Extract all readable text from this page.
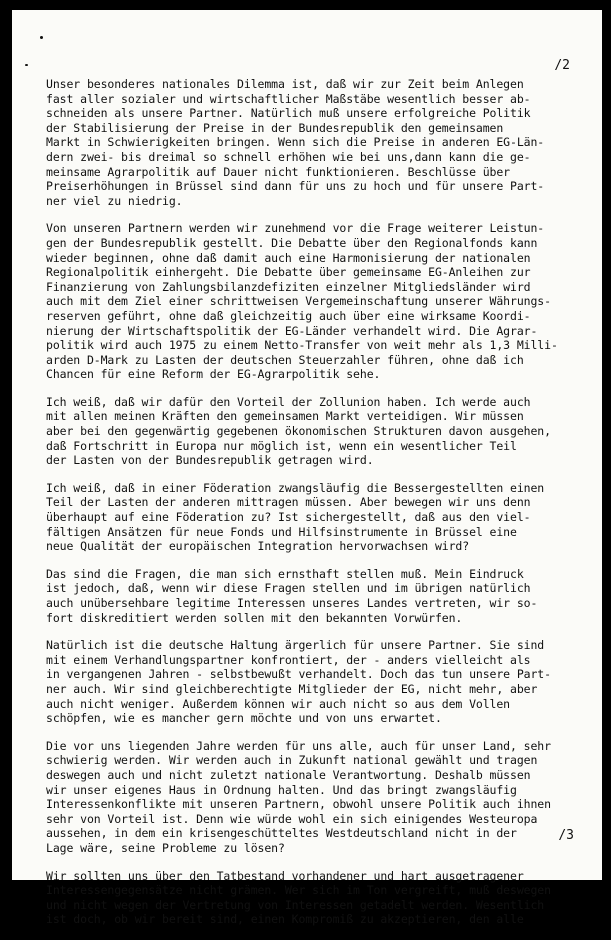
/2

Unser besonderes nationales Dilemma ist, daß wir zur Zeit beim Anlegen
fast aller sozialer und wirtschaftlicher Maßstäbe wesentlich besser ab-
schneiden als unsere Partner. Natürlich muß unsere erfolgreiche Politik
der Stabilisierung der Preise in der Bundesrepublik den gemeinsamen
Markt in Schwierigkeiten bringen. Wenn sich die Preise in anderen EG-Län-
dern zwei- bis dreimal so schnell erhöhen wie bei uns,dann kann die ge-
meinsame Agrarpolitik auf Dauer nicht funktionieren. Beschlüsse über
Preiserhöhungen in Brüssel sind dann für uns zu hoch und für unsere Part-
ner viel zu niedrig.

Von unseren Partnern werden wir zunehmend vor die Frage weiterer Leistun-
gen der Bundesrepublik gestellt. Die Debatte über den Regionalfonds kann
wieder beginnen, ohne daß damit auch eine Harmonisierung der nationalen
Regionalpolitik einhergeht. Die Debatte über gemeinsame EG-Anleihen zur
Finanzierung von Zahlungsbilanzdefiziten einzelner Mitgliedsländer wird
auch mit dem Ziel einer schrittweisen Vergemeinschaftung unserer Währungs-
reserven geführt, ohne daß gleichzeitig auch über eine wirksame Koordi-
nierung der Wirtschaftspolitik der EG-Länder verhandelt wird. Die Agrar-
politik wird auch 1975 zu einem Netto-Transfer von weit mehr als 1,3 Milli-
arden D-Mark zu Lasten der deutschen Steuerzahler führen, ohne daß ich
Chancen für eine Reform der EG-Agrarpolitik sehe.

Ich weiß, daß wir dafür den Vorteil der Zollunion haben. Ich werde auch
mit allen meinen Kräften den gemeinsamen Markt verteidigen. Wir müssen
aber bei den gegenwärtig gegebenen ökonomischen Strukturen davon ausgehen,
daß Fortschritt in Europa nur möglich ist, wenn ein wesentlicher Teil
der Lasten von der Bundesrepublik getragen wird.

Ich weiß, daß in einer Föderation zwangsläufig die Bessergestellten einen
Teil der Lasten der anderen mittragen müssen. Aber bewegen wir uns denn
überhaupt auf eine Föderation zu? Ist sichergestellt, daß aus den viel-
fältigen Ansätzen für neue Fonds und Hilfsinstrumente in Brüssel eine
neue Qualität der europäischen Integration hervorwachsen wird?

Das sind die Fragen, die man sich ernsthaft stellen muß. Mein Eindruck
ist jedoch, daß, wenn wir diese Fragen stellen und im übrigen natürlich
auch unübersehbare legitime Interessen unseres Landes vertreten, wir so-
fort diskreditiert werden sollen mit den bekannten Vorwürfen.

Natürlich ist die deutsche Haltung ärgerlich für unsere Partner. Sie sind
mit einem Verhandlungspartner konfrontiert, der - anders vielleicht als
in vergangenen Jahren - selbstbewußt verhandelt. Doch das tun unsere Part-
ner auch. Wir sind gleichberechtigte Mitglieder der EG, nicht mehr, aber
auch nicht weniger. Außerdem können wir auch nicht so aus dem Vollen
schöpfen, wie es mancher gern möchte und von uns erwartet.

Die vor uns liegenden Jahre werden für uns alle, auch für unser Land, sehr
schwierig werden. Wir werden auch in Zukunft national gewählt und tragen
deswegen auch und nicht zuletzt nationale Verantwortung. Deshalb müssen
wir unser eigenes Haus in Ordnung halten. Und das bringt zwangsläufig
Interessenkonflikte mit unseren Partnern, obwohl unsere Politik auch ihnen
sehr von Vorteil ist. Denn wie würde wohl ein sich einigendes Westeuropa
aussehen, in dem ein krisengeschütteltes Westdeutschland nicht in der
Lage wäre, seine Probleme zu lösen?

Wir sollten uns über den Tatbestand vorhandener und hart ausgetragener
Interessengegensätze nicht grämen. Wer sich im Ton vergreift, muß deswegen
und nicht wegen der Vertretung von Interessen getadelt werden. Wesentlich
ist doch, ob wir bereit sind, einen Kompromiß zu akzeptieren, den alle

/3
